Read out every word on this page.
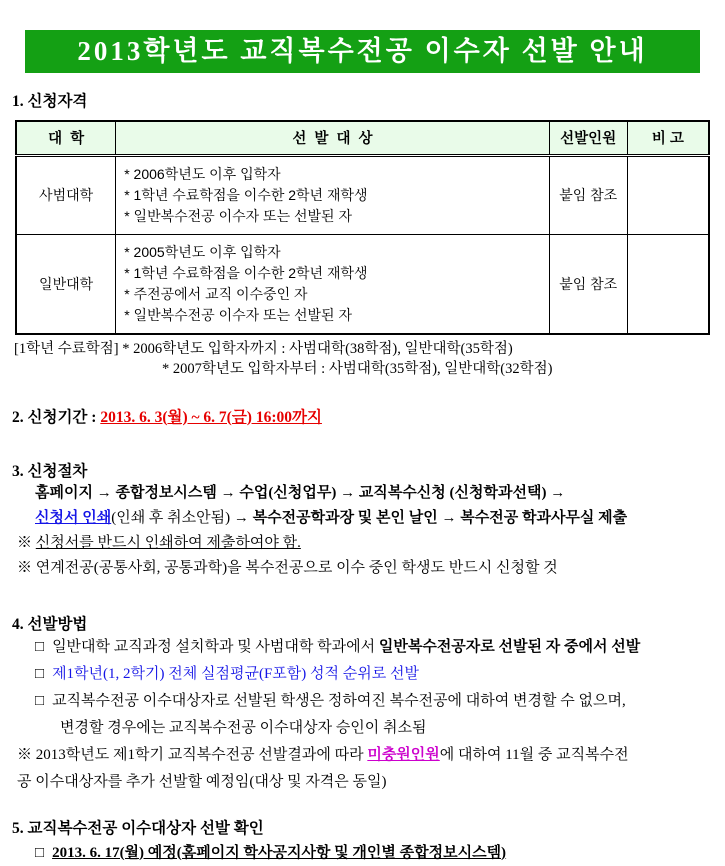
2013학년도 교직복수전공 이수자 선발 안내
1. 신청자격
대  학	선  발  대  상	선발인원	비 고
사범대학	* 2006학년도 이후 입학자
* 1학년 수료학점을 이수한 2학년 재학생
* 일반복수전공 이수자 또는 선발된 자	붙임 참조	
일반대학	* 2005학년도 이후 입학자
* 1학년 수료학점을 이수한 2학년 재학생
* 주전공에서 교직 이수중인 자
* 일반복수전공 이수자 또는 선발된 자	붙임 참조	
[1학년 수료학점] * 2006학년도 입학자까지 : 사범대학(38학점), 일반대학(35학점)
* 2007학년도 입학자부터 : 사범대학(35학점), 일반대학(32학점)
2. 신청기간 : 2013. 6. 3(월) ~ 6. 7(금) 16:00까지
3. 신청절차
홈페이지 → 종합정보시스템 → 수업(신청업무) → 교직복수신청 (신청학과선택) →
신청서 인쇄(인쇄 후 취소안됨) → 복수전공학과장 및 본인 날인 → 복수전공 학과사무실 제출
※ 신청서를 반드시 인쇄하여 제출하여야 함.
※ 연계전공(공통사회, 공통과학)을 복수전공으로 이수 중인 학생도 반드시 신청할 것
4. 선발방법
□ 일반대학 교직과정 설치학과 및 사범대학 학과에서 일반복수전공자로 선발된 자 중에서 선발
□ 제1학년(1, 2학기) 전체 실점평균(F포함) 성적 순위로 선발
□ 교직복수전공 이수대상자로 선발된 학생은 정하여진 복수전공에 대하여 변경할 수 없으며,
변경할 경우에는 교직복수전공 이수대상자 승인이 취소됨
※ 2013학년도 제1학기 교직복수전공 선발결과에 따라 미충원인원에 대하여 11월 중 교직복수전
공 이수대상자를 추가 선발할 예정임(대상 및 자격은 동일)
5. 교직복수전공 이수대상자 선발 확인
□ 2013. 6. 17(월) 예정(홈페이지 학사공지사항 및 개인별 종합정보시스템)
